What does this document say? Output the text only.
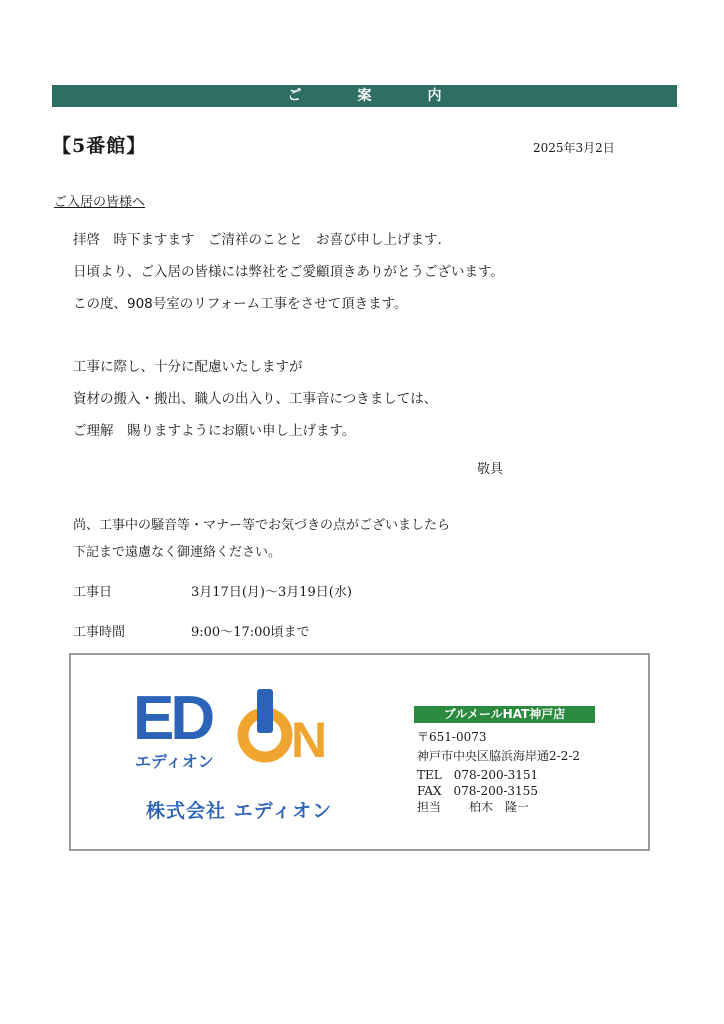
ご案内
【5番館】	2025年3月2日
ご入居の皆様へ
拝啓　時下ますます　ご清祥のことと　お喜び申し上げます.
日頃より、ご入居の皆様には弊社をご愛顧頂きありがとうございます。
この度、908号室のリフォーム工事をさせて頂きます。
工事に際し、十分に配慮いたしますが
資材の搬入・搬出、職人の出入り、工事音につきましては、
ご理解　賜りますようにお願い申し上げます。
敬具
尚、工事中の騒音等・マナー等でお気づきの点がございましたら
下記まで遠慮なく御連絡ください。
工事日	3月17日(月)～3月19日(水)
工事時間	9:00～17:00頃まで
ED N
エディオン
株式会社 エディオン
ブルメールHAT神戸店
〒651-0073
神戸市中央区脇浜海岸通2-2-2
TEL　078-200-3151
FAX　078-200-3155
担当 柏木　隆一
